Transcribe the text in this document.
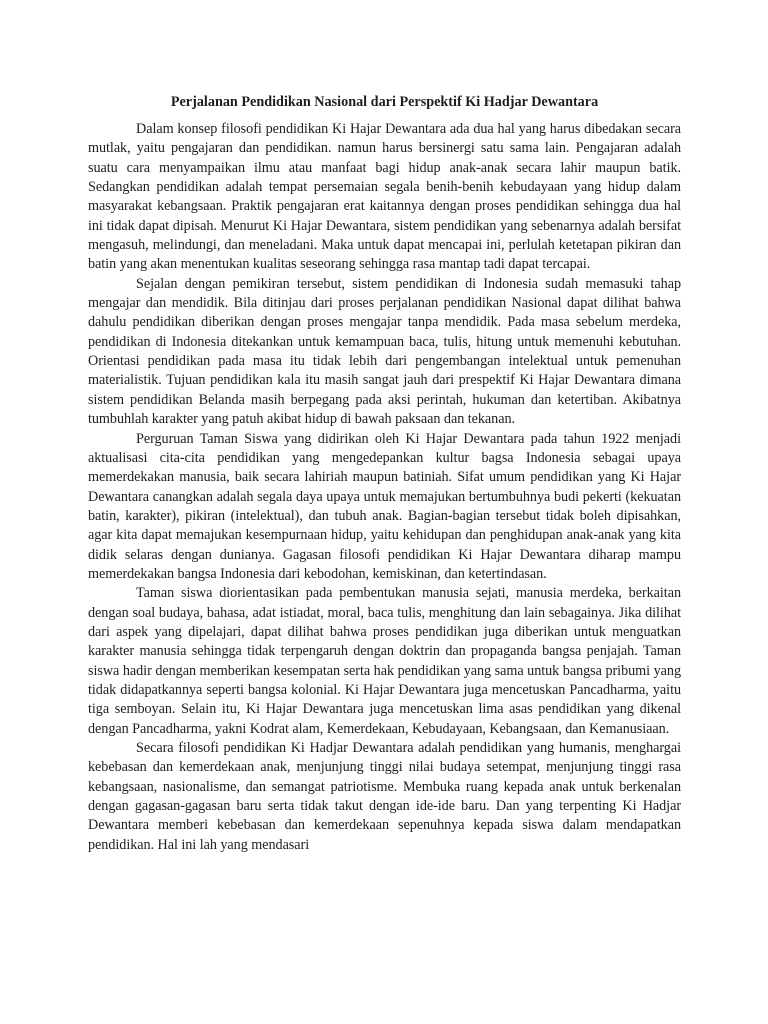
Perjalanan Pendidikan Nasional dari Perspektif Ki Hadjar Dewantara

Dalam konsep filosofi pendidikan Ki Hajar Dewantara ada dua hal yang harus dibedakan secara mutlak, yaitu pengajaran dan pendidikan. namun harus bersinergi satu sama lain. Pengajaran adalah suatu cara menyampaikan ilmu atau manfaat bagi hidup anak-anak secara lahir maupun batik. Sedangkan pendidikan adalah tempat persemaian segala benih-benih kebudayaan yang hidup dalam masyarakat kebangsaan. Praktik pengajaran erat kaitannya dengan proses pendidikan sehingga dua hal ini tidak dapat dipisah. Menurut Ki Hajar Dewantara, sistem pendidikan yang sebenarnya adalah bersifat mengasuh, melindungi, dan meneladani. Maka untuk dapat mencapai ini, perlulah ketetapan pikiran dan batin yang akan menentukan kualitas seseorang sehingga rasa mantap tadi dapat tercapai.

Sejalan dengan pemikiran tersebut, sistem pendidikan di Indonesia sudah memasuki tahap mengajar dan mendidik. Bila ditinjau dari proses perjalanan pendidikan Nasional dapat dilihat bahwa dahulu pendidikan diberikan dengan proses mengajar tanpa mendidik. Pada masa sebelum merdeka, pendidikan di Indonesia ditekankan untuk kemampuan baca, tulis, hitung untuk memenuhi kebutuhan. Orientasi pendidikan pada masa itu tidak lebih dari pengembangan intelektual untuk pemenuhan materialistik. Tujuan pendidikan kala itu masih sangat jauh dari prespektif Ki Hajar Dewantara dimana sistem pendidikan Belanda masih berpegang pada aksi perintah, hukuman dan ketertiban. Akibatnya tumbuhlah karakter yang patuh akibat hidup di bawah paksaan dan tekanan.

Perguruan Taman Siswa yang didirikan oleh Ki Hajar Dewantara pada tahun 1922 menjadi aktualisasi cita-cita pendidikan yang mengedepankan kultur bagsa Indonesia sebagai upaya memerdekakan manusia, baik secara lahiriah maupun batiniah. Sifat umum pendidikan yang Ki Hajar Dewantara canangkan adalah segala daya upaya untuk memajukan bertumbuhnya budi pekerti (kekuatan batin, karakter), pikiran (intelektual), dan tubuh anak. Bagian-bagian tersebut tidak boleh dipisahkan, agar kita dapat memajukan kesempurnaan hidup, yaitu kehidupan dan penghidupan anak-anak yang kita didik selaras dengan dunianya. Gagasan filosofi pendidikan Ki Hajar Dewantara diharap mampu memerdekakan bangsa Indonesia dari kebodohan, kemiskinan, dan ketertindasan.

Taman siswa diorientasikan pada pembentukan manusia sejati, manusia merdeka, berkaitan dengan soal budaya, bahasa, adat istiadat, moral, baca tulis, menghitung dan lain sebagainya. Jika dilihat dari aspek yang dipelajari, dapat dilihat bahwa proses pendidikan juga diberikan untuk menguatkan karakter manusia sehingga tidak terpengaruh dengan doktrin dan propaganda bangsa penjajah. Taman siswa hadir dengan memberikan kesempatan serta hak pendidikan yang sama untuk bangsa pribumi yang tidak didapatkannya seperti bangsa kolonial. Ki Hajar Dewantara juga mencetuskan Pancadharma, yaitu tiga semboyan. Selain itu, Ki Hajar Dewantara juga mencetuskan lima asas pendidikan yang dikenal dengan Pancadharma, yakni Kodrat alam, Kemerdekaan, Kebudayaan, Kebangsaan, dan Kemanusiaan.

Secara filosofi pendidikan Ki Hadjar Dewantara adalah pendidikan yang humanis, menghargai kebebasan dan kemerdekaan anak, menjunjung tinggi nilai budaya setempat, menjunjung tinggi rasa kebangsaan, nasionalisme, dan semangat patriotisme. Membuka ruang kepada anak untuk berkenalan dengan gagasan-gagasan baru serta tidak takut dengan ide-ide baru. Dan yang terpenting Ki Hadjar Dewantara memberi kebebasan dan kemerdekaan sepenuhnya kepada siswa dalam mendapatkan pendidikan. Hal ini lah yang mendasari
